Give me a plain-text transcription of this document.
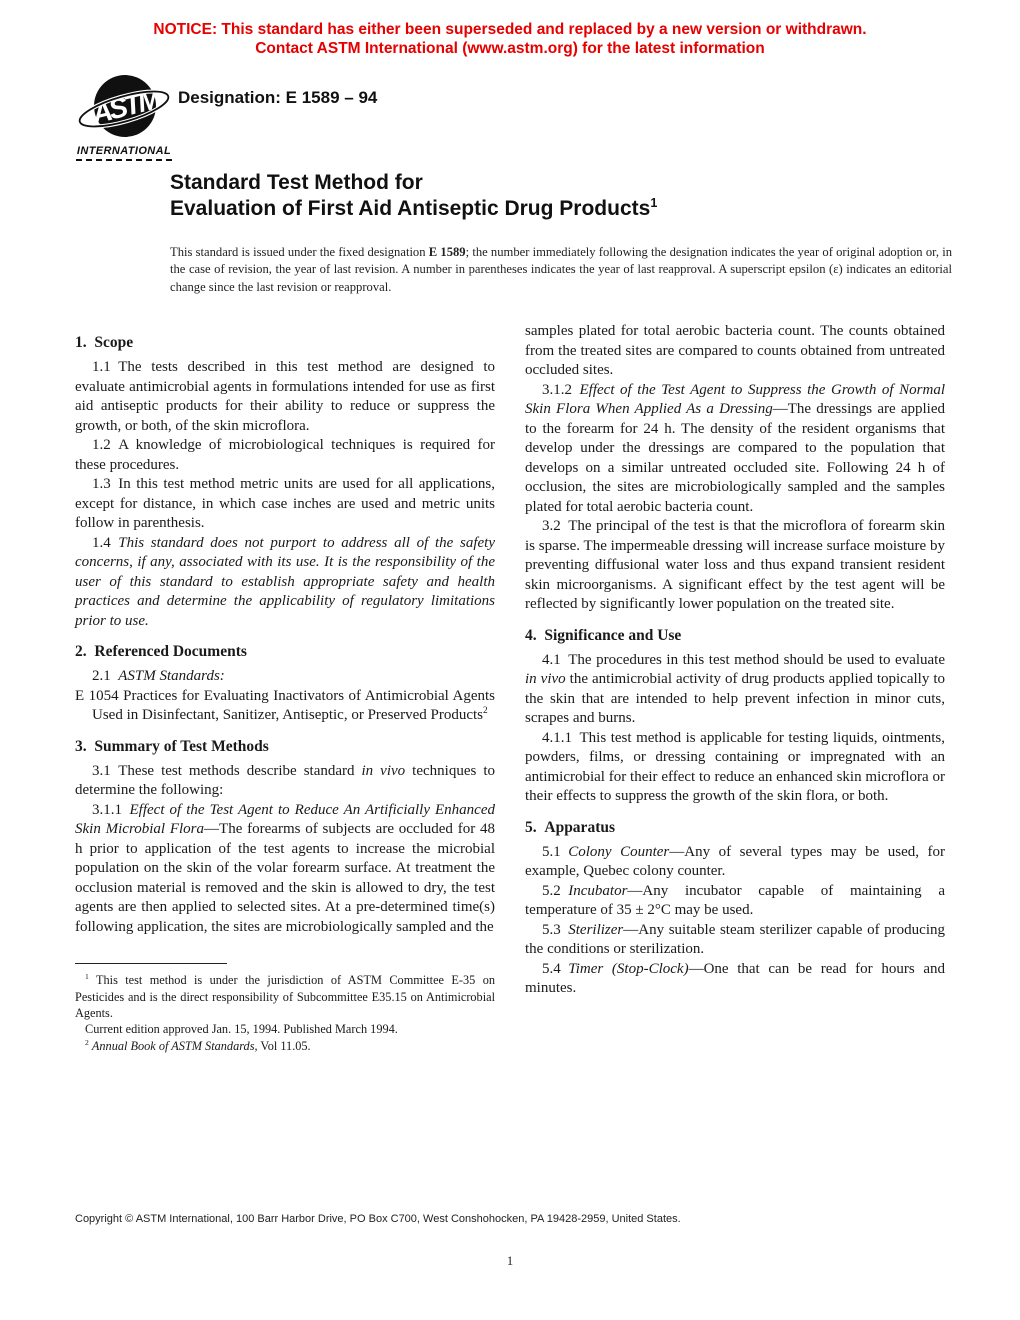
NOTICE: This standard has either been superseded and replaced by a new version or withdrawn.
Contact ASTM International (www.astm.org) for the latest information
ASTM
INTERNATIONAL
Designation: E 1589 – 94
Standard Test Method for
Evaluation of First Aid Antiseptic Drug Products$^1$
This standard is issued under the fixed designation E 1589; the number immediately following the designation indicates the year of original adoption or, in the case of revision, the year of last revision. A number in parentheses indicates the year of last reapproval. A superscript epsilon (ε) indicates an editorial change since the last revision or reapproval.
1. Scope
1.1 The tests described in this test method are designed to evaluate antimicrobial agents in formulations intended for use as first aid antiseptic products for their ability to reduce or suppress the growth, or both, of the skin microflora.
1.2 A knowledge of microbiological techniques is required for these procedures.
1.3 In this test method metric units are used for all applications, except for distance, in which case inches are used and metric units follow in parenthesis.
1.4 This standard does not purport to address all of the safety concerns, if any, associated with its use. It is the responsibility of the user of this standard to establish appropriate safety and health practices and determine the applicability of regulatory limitations prior to use.
2. Referenced Documents
2.1 ASTM Standards:
E 1054 Practices for Evaluating Inactivators of Antimicrobial Agents Used in Disinfectant, Sanitizer, Antiseptic, or Preserved Products$^2$
3. Summary of Test Methods
3.1 These test methods describe standard in vivo techniques to determine the following:
3.1.1 Effect of the Test Agent to Reduce An Artificially Enhanced Skin Microbial Flora—The forearms of subjects are occluded for 48 h prior to application of the test agents to increase the microbial population on the skin of the volar forearm surface. At treatment the occlusion material is removed and the skin is allowed to dry, the test agents are then applied to selected sites. At a pre-determined time(s) following application, the sites are microbiologically sampled and the
$^1$ This test method is under the jurisdiction of ASTM Committee E-35 on Pesticides and is the direct responsibility of Subcommittee E35.15 on Antimicrobial Agents.
Current edition approved Jan. 15, 1994. Published March 1994.
$^2$ Annual Book of ASTM Standards, Vol 11.05.
samples plated for total aerobic bacteria count. The counts obtained from the treated sites are compared to counts obtained from untreated occluded sites.
3.1.2 Effect of the Test Agent to Suppress the Growth of Normal Skin Flora When Applied As a Dressing—The dressings are applied to the forearm for 24 h. The density of the resident organisms that develop under the dressings are compared to the population that develops on a similar untreated occluded site. Following 24 h of occlusion, the sites are microbiologically sampled and the samples plated for total aerobic bacteria count.
3.2 The principal of the test is that the microflora of forearm skin is sparse. The impermeable dressing will increase surface moisture by preventing diffusional water loss and thus expand transient resident skin microorganisms. A significant effect by the test agent will be reflected by significantly lower population on the treated site.
4. Significance and Use
4.1 The procedures in this test method should be used to evaluate in vivo the antimicrobial activity of drug products applied topically to the skin that are intended to help prevent infection in minor cuts, scrapes and burns.
4.1.1 This test method is applicable for testing liquids, ointments, powders, films, or dressing containing or impregnated with an antimicrobial for their effect to reduce an enhanced skin microflora or their effects to suppress the growth of the skin flora, or both.
5. Apparatus
5.1 Colony Counter—Any of several types may be used, for example, Quebec colony counter.
5.2 Incubator—Any incubator capable of maintaining a temperature of 35 ± 2°C may be used.
5.3 Sterilizer—Any suitable steam sterilizer capable of producing the conditions or sterilization.
5.4 Timer (Stop-Clock)—One that can be read for hours and minutes.
Copyright © ASTM International, 100 Barr Harbor Drive, PO Box C700, West Conshohocken, PA 19428-2959, United States.
1
